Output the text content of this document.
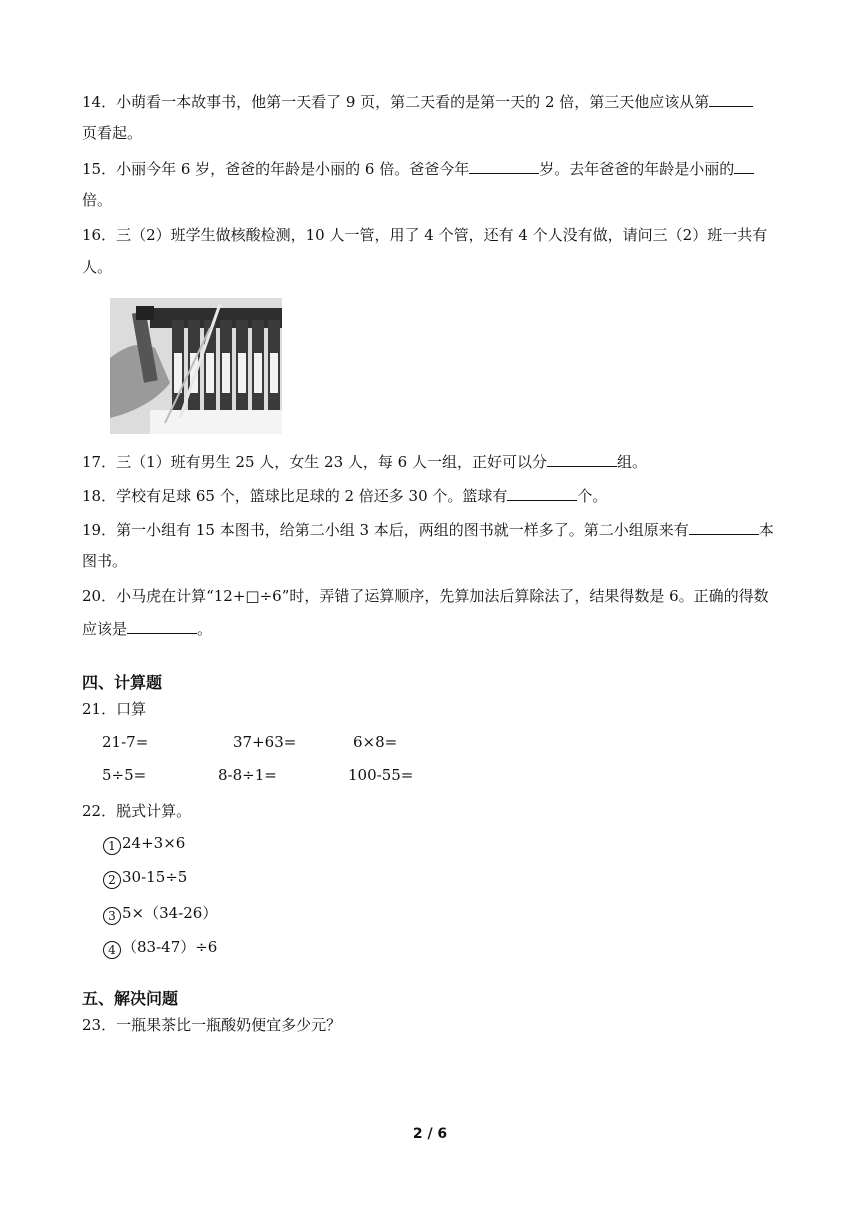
14．小萌看一本故事书，他第一天看了 9 页，第二天看的是第一天的 2 倍，第三天他应该从第
页看起。
15．小丽今年 6 岁，爸爸的年龄是小丽的 6 倍。爸爸今年	岁。去年爸爸的年龄是小丽的
倍。
16．三（2）班学生做核酸检测，10 人一管，用了 4 个管，还有 4 个人没有做，请问三（2）班一共有
人。
17．三（1）班有男生 25 人，女生 23 人，每 6 人一组，正好可以分	组。
18．学校有足球 65 个，篮球比足球的 2 倍还多 30 个。篮球有	个。
19．第一小组有 15 本图书，给第二小组 3 本后，两组的图书就一样多了。第二小组原来有	本
图书。
20．小马虎在计算“12+□÷6”时，弄错了运算顺序，先算加法后算除法了，结果得数是 6。正确的得数
应该是	。
四、计算题
21．口算
21-7=	37+63=	6×8=
5÷5=	8-8÷1=	100-55=
22．脱式计算。
1 24+3×6
2 30-15÷5
3 5×（34-26）
4 （83-47）÷6
五、解决问题
23．一瓶果茶比一瓶酸奶便宜多少元？
2 / 6
